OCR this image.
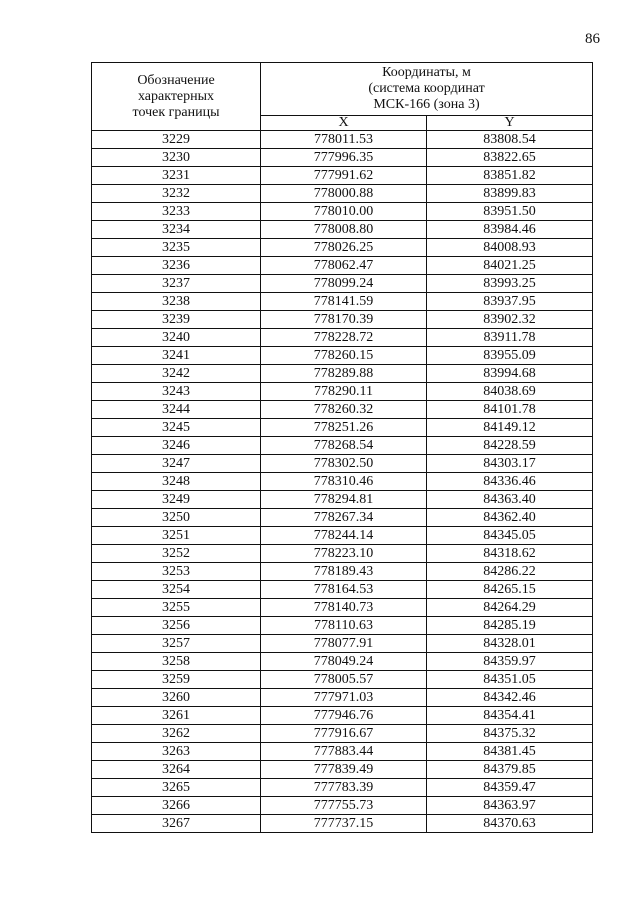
86
Обозначение
характерных
точек границы	Координаты, м
(система координат
МСК-166 (зона 3)	
	X	Y
3229	778011.53	83808.54
3230	777996.35	83822.65
3231	777991.62	83851.82
3232	778000.88	83899.83
3233	778010.00	83951.50
3234	778008.80	83984.46
3235	778026.25	84008.93
3236	778062.47	84021.25
3237	778099.24	83993.25
3238	778141.59	83937.95
3239	778170.39	83902.32
3240	778228.72	83911.78
3241	778260.15	83955.09
3242	778289.88	83994.68
3243	778290.11	84038.69
3244	778260.32	84101.78
3245	778251.26	84149.12
3246	778268.54	84228.59
3247	778302.50	84303.17
3248	778310.46	84336.46
3249	778294.81	84363.40
3250	778267.34	84362.40
3251	778244.14	84345.05
3252	778223.10	84318.62
3253	778189.43	84286.22
3254	778164.53	84265.15
3255	778140.73	84264.29
3256	778110.63	84285.19
3257	778077.91	84328.01
3258	778049.24	84359.97
3259	778005.57	84351.05
3260	777971.03	84342.46
3261	777946.76	84354.41
3262	777916.67	84375.32
3263	777883.44	84381.45
3264	777839.49	84379.85
3265	777783.39	84359.47
3266	777755.73	84363.97
3267	777737.15	84370.63
